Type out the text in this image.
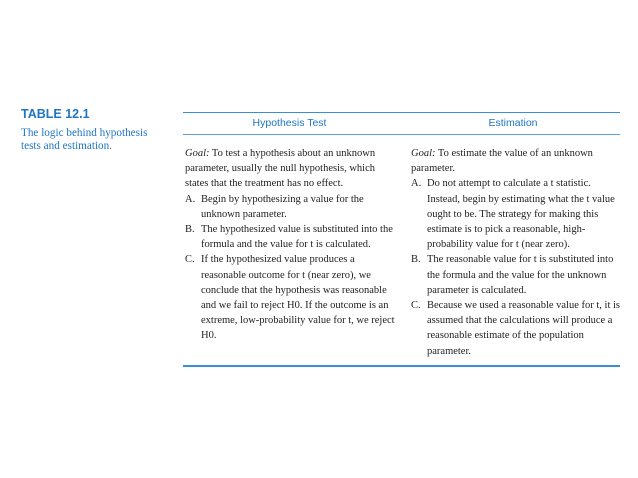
TABLE 12.1
The logic behind hypothesis
tests and estimation.
Hypothesis Test	Estimation
Goal: To test a hypothesis about an unknown parameter, usually the null hypothesis, which states that the treatment has no effect.
A. Begin by hypothesizing a value for the unknown parameter.
B. The hypothesized value is substituted into the formula and the value for t is calculated.
C. If the hypothesized value produces a reasonable outcome for t (near zero), we conclude that the hypothesis was reasonable and we fail to reject H0. If the outcome is an extreme, low-probability value for t, we reject H0.
Goal: To estimate the value of an unknown parameter.
A. Do not attempt to calculate a t statistic. Instead, begin by estimating what the t value ought to be. The strategy for making this estimate is to pick a reasonable, high-probability value for t (near zero).
B. The reasonable value for t is substituted into the formula and the value for the unknown parameter is calculated.
C. Because we used a reasonable value for t, it is assumed that the calculations will produce a reasonable estimate of the population parameter.
